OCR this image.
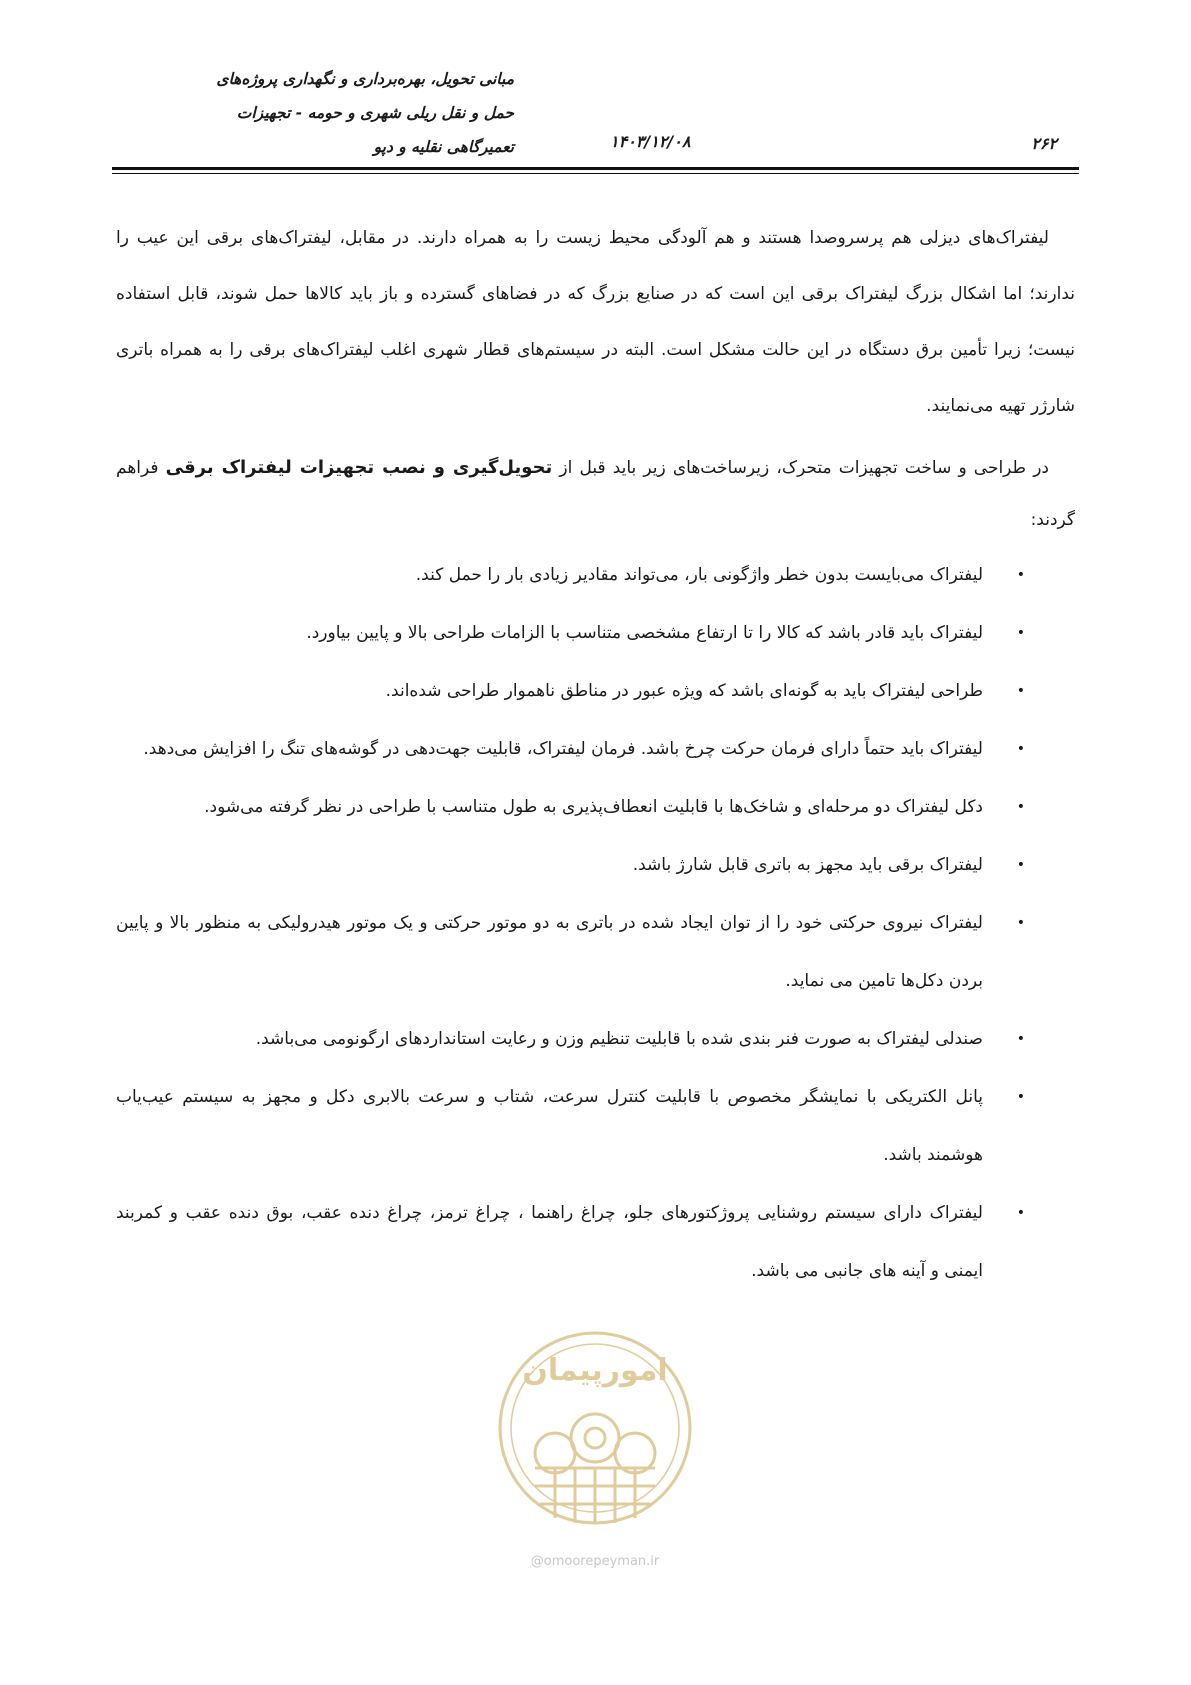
مبانی تحویل، بهره‌برداری و نگهداری پروژه‌های
حمل و نقل ریلی شهری و حومه - تجهیزات
تعمیرگاهی نقلیه و دپو	۱۴۰۳/۱۲/۰۸	۲۶۲

لیفتراک‌های دیزلی هم پرسروصدا هستند و هم آلودگی محیط زیست را به همراه دارند. در مقابل، لیفتراک‌های برقی این عیب را ندارند؛ اما اشکال بزرگ لیفتراک برقی این است که در صنایع بزرگ که در فضاهای گسترده و باز باید کالاها حمل شوند، قابل استفاده نیست؛ زیرا تأمین برق دستگاه در این حالت مشکل است. البته در سیستم‌های قطار شهری اغلب لیفتراک‌های برقی را به همراه باتری شارژر تهیه می‌نمایند.

در طراحی و ساخت تجهیزات متحرک، زیرساخت‌های زیر باید قبل از تحویل‌گیری و نصب تجهیزات لیفتراک برقی فراهم گردند:

•
لیفتراک می‌بایست بدون خطر واژگونی بار، می‌تواند مقادیر زیادی بار را حمل کند.
•
لیفتراک باید قادر باشد که کالا را تا ارتفاع مشخصی متناسب با الزامات طراحی بالا و پایین بیاورد.
•
طراحی لیفتراک باید به گونه‌ای باشد که ویژه عبور در مناطق ناهموار طراحی شده‌اند.
•
لیفتراک باید حتماً دارای فرمان حرکت چرخ باشد. فرمان لیفتراک، قابلیت جهت‌دهی در گوشه‌های تنگ را افزایش می‌دهد.
•
دکل لیفتراک دو مرحله‌ای و شاخک‌ها با قابلیت انعطاف‌پذیری به طول متناسب با طراحی در نظر گرفته می‌شود.
•
لیفتراک برقی باید مجهز به باتری قابل شارژ باشد.
•
لیفتراک نیروی حرکتی خود را از توان ایجاد شده در باتری به دو موتور حرکتی و یک موتور هیدرولیکی به منظور بالا و پایین بردن دکل‌ها تامین می نماید.
•
صندلی لیفتراک به صورت فنر بندی شده با قابلیت تنظیم وزن و رعایت استانداردهای ارگونومی می‌باشد.
•
پانل الکتریکی با نمایشگر مخصوص با قابلیت کنترل سرعت، شتاب و سرعت بالابری دکل و مجهز به سیستم عیب‌یاب هوشمند باشد.
•
لیفتراک دارای سیستم روشنایی پروژکتورهای جلو، چراغ راهنما ، چراغ ترمز، چراغ دنده عقب، بوق دنده عقب و کمربند ایمنی و آینه های جانبی می باشد.
امورپیمان
@omoorepeyman.ir
